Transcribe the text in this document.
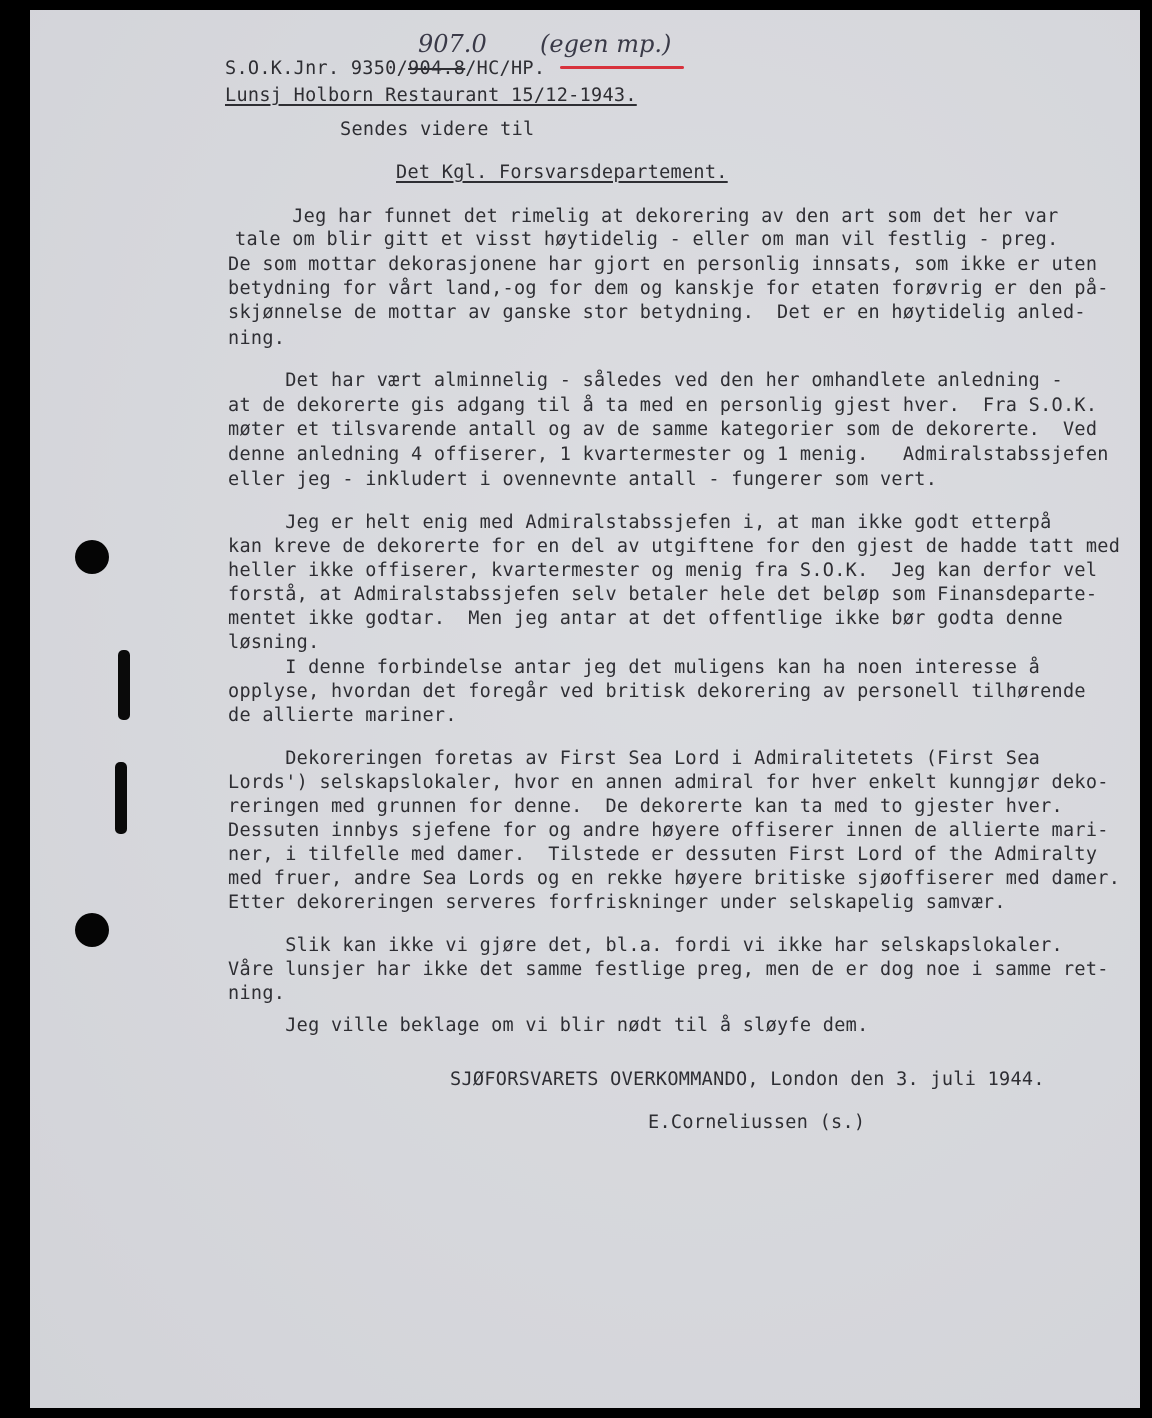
907.0 (egen mp.)
S.O.K.Jnr. 9350/904.8/HC/HP.
Lunsj Holborn Restaurant 15/12-1943.
Sendes videre til
Det Kgl. Forsvarsdepartement.
Jeg har funnet det rimelig at dekorering av den art som det her var
tale om blir gitt et visst høytidelig - eller om man vil festlig - preg.
De som mottar dekorasjonene har gjort en personlig innsats, som ikke er uten
betydning for vårt land,-og for dem og kanskje for etaten forøvrig er den på-
skjønnelse de mottar av ganske stor betydning.  Det er en høytidelig anled-
ning.
Det har vært alminnelig - således ved den her omhandlete anledning -
at de dekorerte gis adgang til å ta med en personlig gjest hver.  Fra S.O.K.
møter et tilsvarende antall og av de samme kategorier som de dekorerte.  Ved
denne anledning 4 offiserer, 1 kvartermester og 1 menig.   Admiralstabssjefen
eller jeg - inkludert i ovennevnte antall - fungerer som vert.
Jeg er helt enig med Admiralstabssjefen i, at man ikke godt etterpå
kan kreve de dekorerte for en del av utgiftene for den gjest de hadde tatt med
heller ikke offiserer, kvartermester og menig fra S.O.K.  Jeg kan derfor vel
forstå, at Admiralstabssjefen selv betaler hele det beløp som Finansdeparte-
mentet ikke godtar.  Men jeg antar at det offentlige ikke bør godta denne
løsning.
I denne forbindelse antar jeg det muligens kan ha noen interesse å
opplyse, hvordan det foregår ved britisk dekorering av personell tilhørende
de allierte mariner.
Dekoreringen foretas av First Sea Lord i Admiralitetets (First Sea
Lords') selskapslokaler, hvor en annen admiral for hver enkelt kunngjør deko-
reringen med grunnen for denne.  De dekorerte kan ta med to gjester hver.
Dessuten innbys sjefene for og andre høyere offiserer innen de allierte mari-
ner, i tilfelle med damer.  Tilstede er dessuten First Lord of the Admiralty
med fruer, andre Sea Lords og en rekke høyere britiske sjøoffiserer med damer.
Etter dekoreringen serveres forfriskninger under selskapelig samvær.
Slik kan ikke vi gjøre det, bl.a. fordi vi ikke har selskapslokaler.
Våre lunsjer har ikke det samme festlige preg, men de er dog noe i samme ret-
ning.
Jeg ville beklage om vi blir nødt til å sløyfe dem.
SJØFORSVARETS OVERKOMMANDO, London den 3. juli 1944.
E.Corneliussen (s.)
